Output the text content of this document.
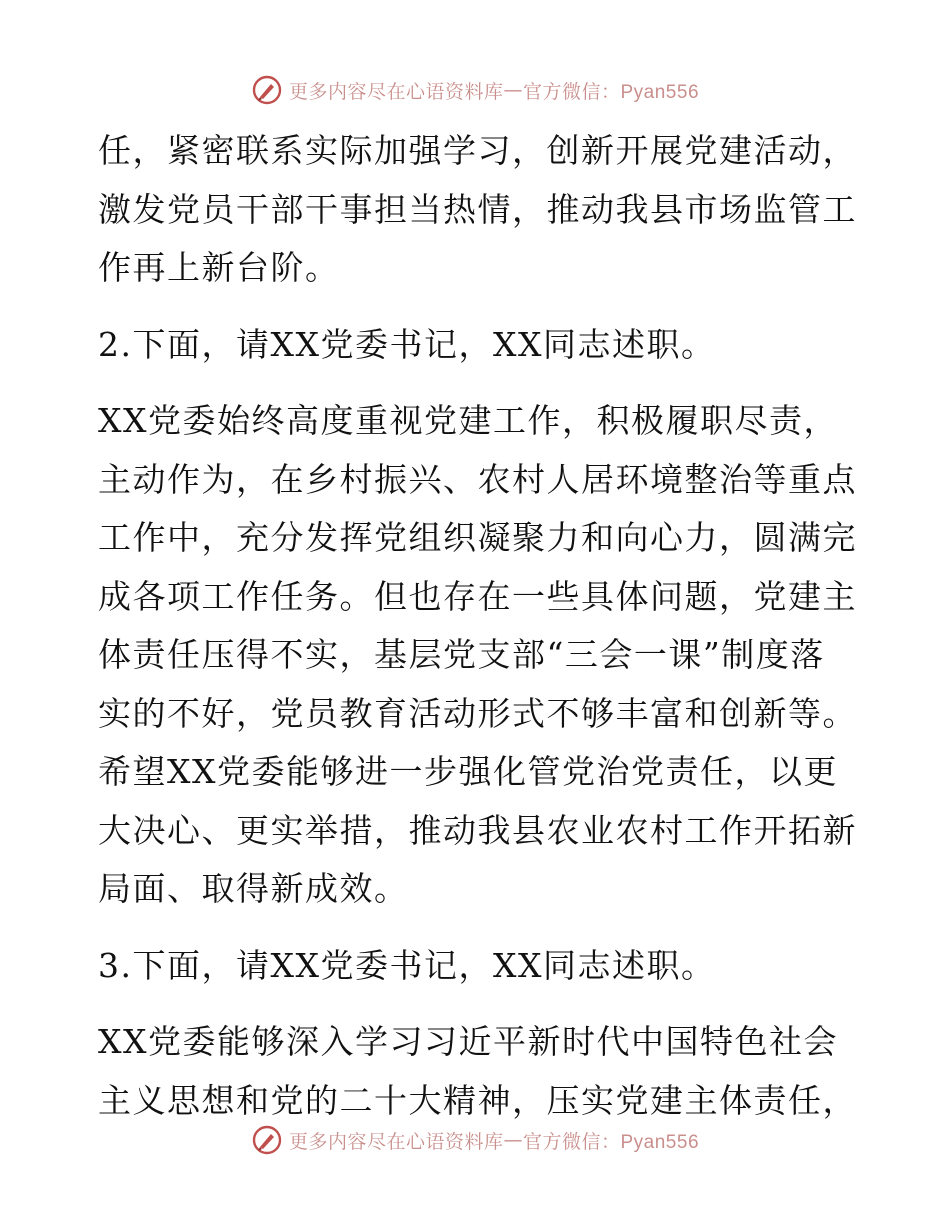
更多内容尽在心语资料库 — 官方微信：Pyan556

任，紧密联系实际加强学习，创新开展党建活动，
激发党员干部干事担当热情，推动我县市场监管工
作再上新台阶。

2.下面，请XX党委书记，XX同志述职。

XX党委始终高度重视党建工作，积极履职尽责，
主动作为，在乡村振兴、农村人居环境整治等重点
工作中，充分发挥党组织凝聚力和向心力，圆满完
成各项工作任务。但也存在一些具体问题，党建主
体责任压得不实，基层党支部“三会一课”制度落
实的不好，党员教育活动形式不够丰富和创新等。
希望XX党委能够进一步强化管党治党责任，以更
大决心、更实举措，推动我县农业农村工作开拓新
局面、取得新成效。

3.下面，请XX党委书记，XX同志述职。

XX党委能够深入学习习近平新时代中国特色社会
主义思想和党的二十大精神，压实党建主体责任，

更多内容尽在心语资料库 — 官方微信：Pyan556
